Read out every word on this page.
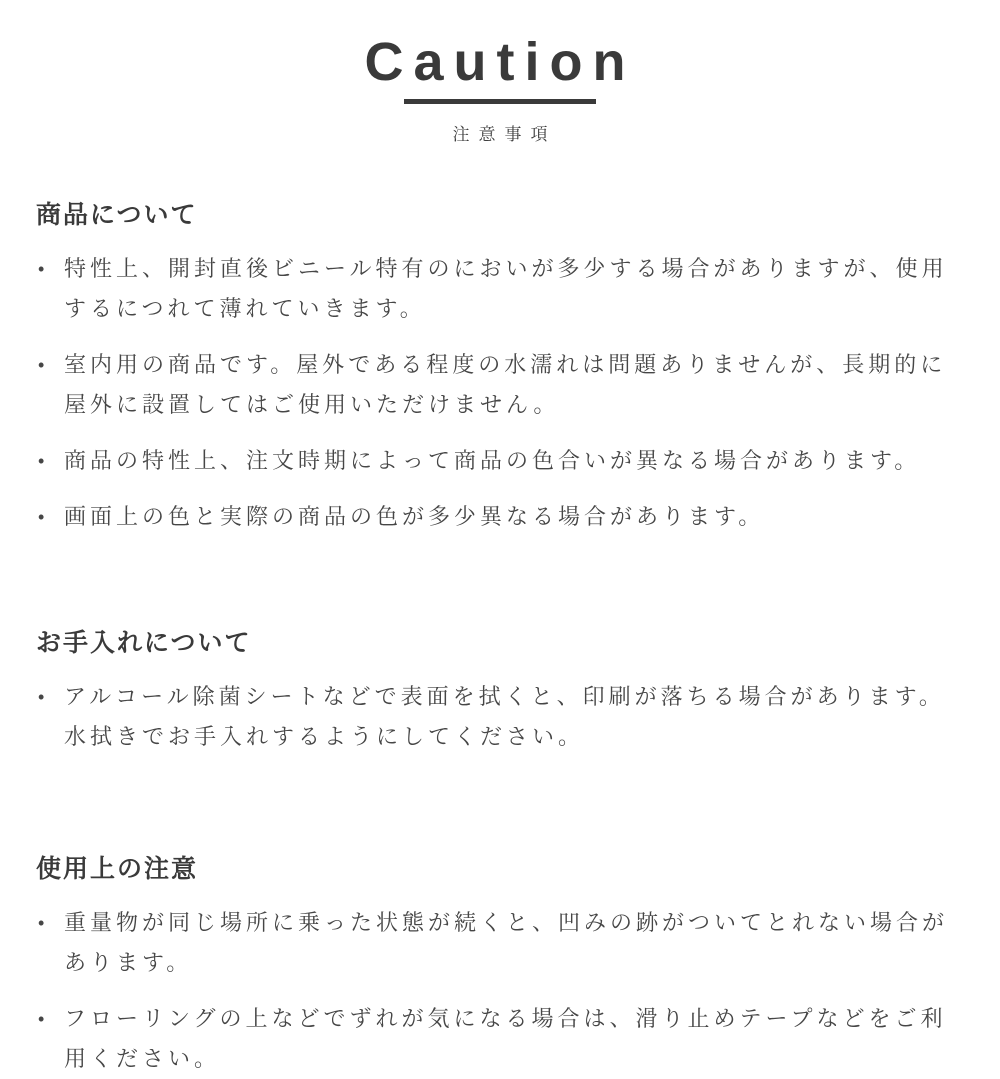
Caution
注意事項
商品について
• 特性上、開封直後ビニール特有のにおいが多少する場合がありますが、使用するにつれて薄れていきます。
• 室内用の商品です。屋外である程度の水濡れは問題ありませんが、長期的に屋外に設置してはご使用いただけません。
• 商品の特性上、注文時期によって商品の色合いが異なる場合があります。
• 画面上の色と実際の商品の色が多少異なる場合があります。
お手入れについて
• アルコール除菌シートなどで表面を拭くと、印刷が落ちる場合があります。水拭きでお手入れするようにしてください。
使用上の注意
• 重量物が同じ場所に乗った状態が続くと、凹みの跡がついてとれない場合があります。
• フローリングの上などでずれが気になる場合は、滑り止めテープなどをご利用ください。
